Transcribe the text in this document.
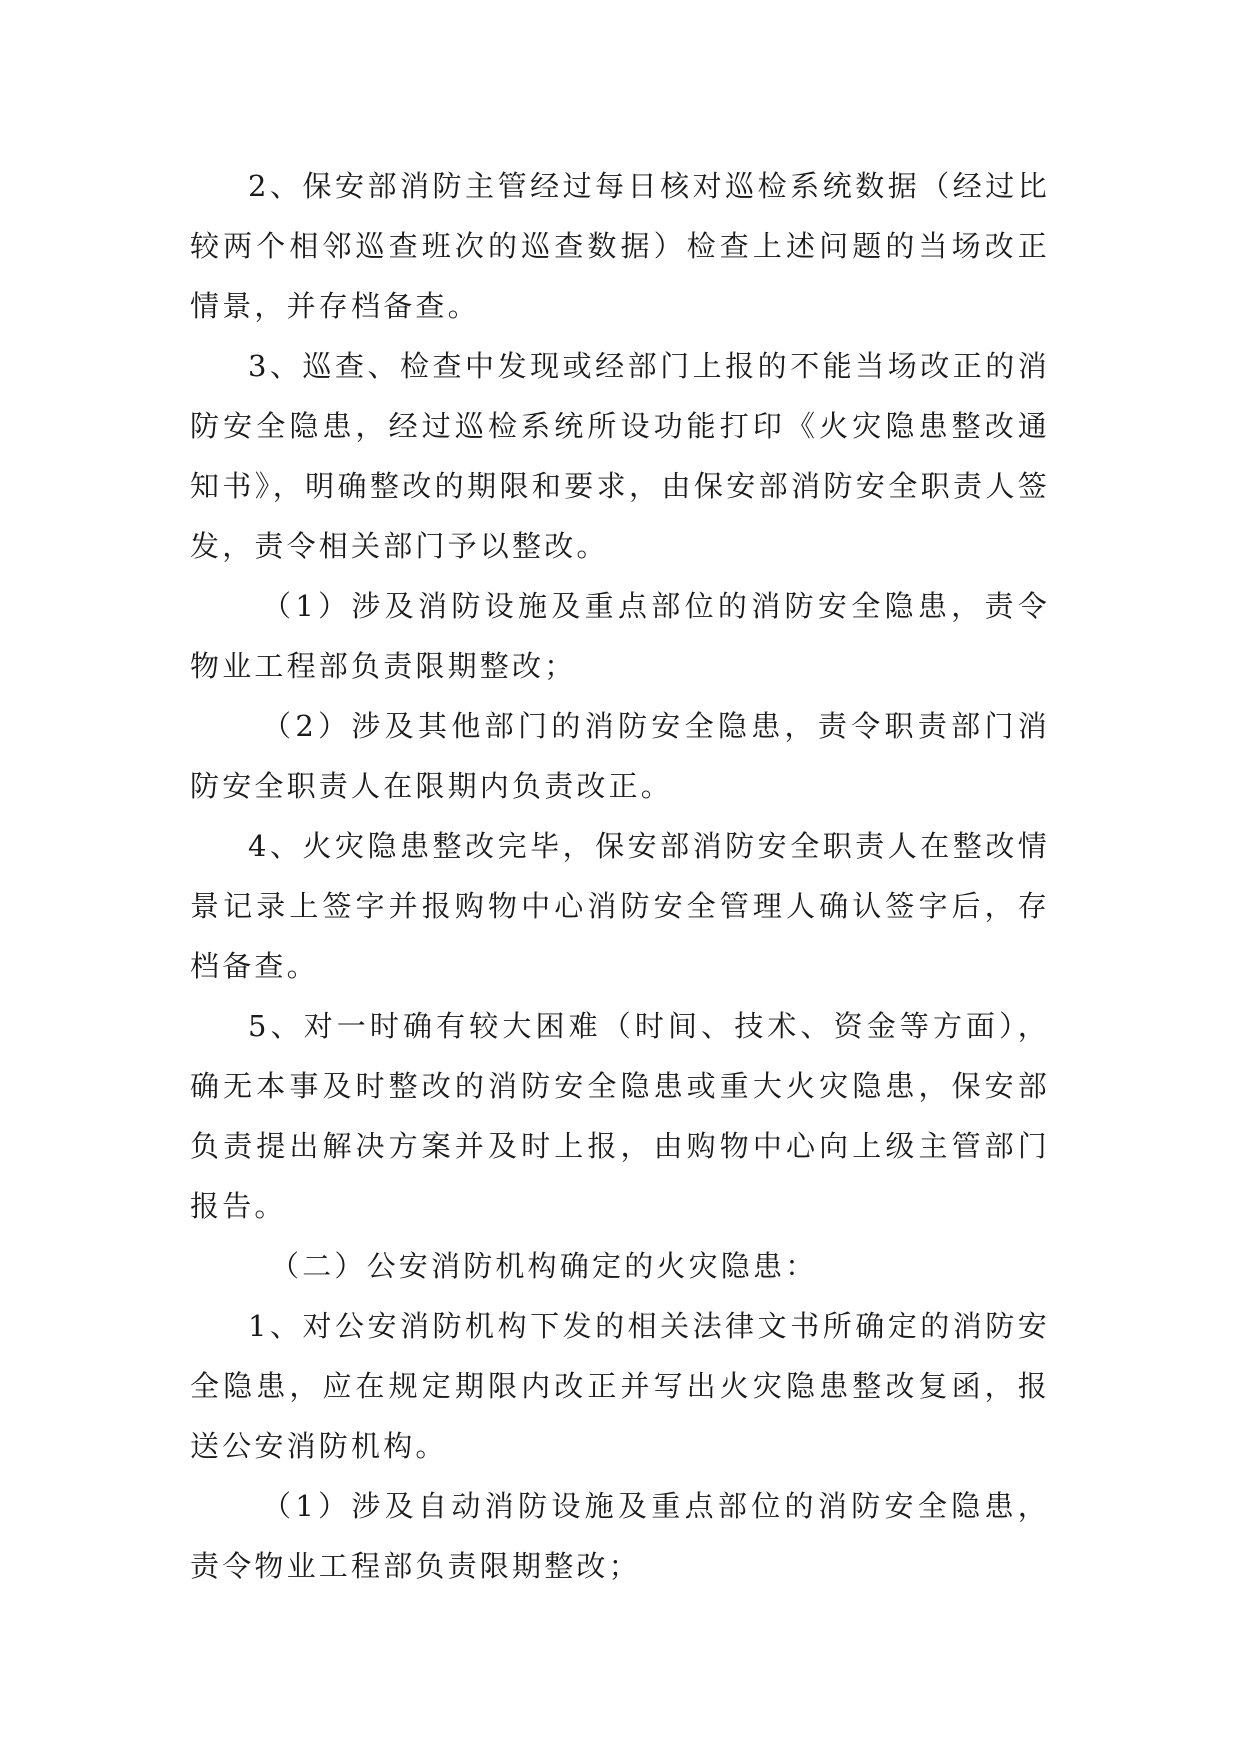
2、保安部消防主管经过每日核对巡检系统数据（经过比较两个相邻巡查班次的巡查数据）检查上述问题的当场改正情景，并存档备查。

3、巡查、检查中发现或经部门上报的不能当场改正的消防安全隐患，经过巡检系统所设功能打印《火灾隐患整改通知书》，明确整改的期限和要求，由保安部消防安全职责人签发，责令相关部门予以整改。

（1）涉及消防设施及重点部位的消防安全隐患，责令物业工程部负责限期整改；

（2）涉及其他部门的消防安全隐患，责令职责部门消防安全职责人在限期内负责改正。

4、火灾隐患整改完毕，保安部消防安全职责人在整改情景记录上签字并报购物中心消防安全管理人确认签字后，存档备查。

5、对一时确有较大困难（时间、技术、资金等方面），确无本事及时整改的消防安全隐患或重大火灾隐患，保安部负责提出解决方案并及时上报，由购物中心向上级主管部门报告。

（二）公安消防机构确定的火灾隐患：

1、对公安消防机构下发的相关法律文书所确定的消防安全隐患，应在规定期限内改正并写出火灾隐患整改复函，报送公安消防机构。

（1）涉及自动消防设施及重点部位的消防安全隐患，责令物业工程部负责限期整改；
